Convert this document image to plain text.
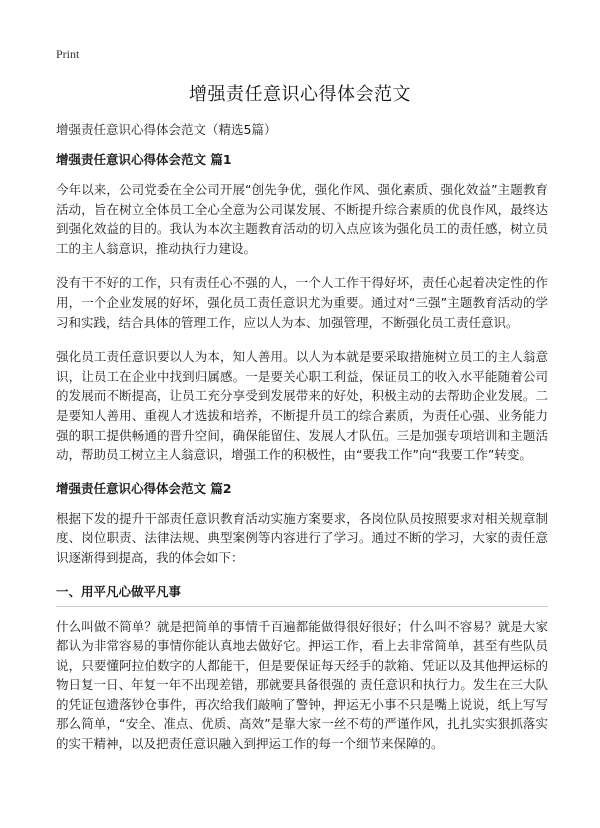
Print
增强责任意识心得体会范文
增强责任意识心得体会范文（精选5篇）
增强责任意识心得体会范文 篇1

今年以来，公司党委在全公司开展“创先争优，强化作风、强化素质、强化效益”主题教育活动，旨在树立全体员工全心全意为公司谋发展、不断提升综合素质的优良作风，最终达到强化效益的目的。我认为本次主题教育活动的切入点应该为强化员工的责任感，树立员工的主人翁意识，推动执行力建设。

没有干不好的工作，只有责任心不强的人，一个人工作干得好坏，责任心起着决定性的作用，一个企业发展的好坏，强化员工责任意识尤为重要。通过对“三强”主题教育活动的学习和实践，结合具体的管理工作，应以人为本、加强管理，不断强化员工责任意识。

强化员工责任意识要以人为本，知人善用。以人为本就是要采取措施树立员工的主人翁意识，让员工在企业中找到归属感。一是要关心职工利益，保证员工的收入水平能随着公司的发展而不断提高，让员工充分享受到发展带来的好处，积极主动的去帮助企业发展。二是要知人善用、重视人才选拔和培养，不断提升员工的综合素质，为责任心强、业务能力强的职工提供畅通的晋升空间，确保能留住、发展人才队伍。三是加强专项培训和主题活动，帮助员工树立主人翁意识，增强工作的积极性，由“要我工作”向“我要工作”转变。

增强责任意识心得体会范文 篇2

根据下发的提升干部责任意识教育活动实施方案要求，各岗位队员按照要求对相关规章制度、岗位职责、法律法规、典型案例等内容进行了学习。通过不断的学习，大家的责任意识逐渐得到提高，我的体会如下：

一、用平凡心做平凡事

什么叫做不简单？就是把简单的事情千百遍都能做得很好很好；什么叫不容易？就是大家都认为非常容易的事情你能认真地去做好它。押运工作，看上去非常简单，甚至有些队员说，只要懂阿拉伯数字的人都能干，但是要保证每天经手的款箱、凭证以及其他押运标的物日复一日、年复一年不出现差错，那就要具备很强的 责任意识和执行力。发生在三大队的凭证包遗落钞仓事件，再次给我们敲响了警钟，押运无小事不只是嘴上说说，纸上写写那么简单，“安全、准点、优质、高效”是靠大家一丝不苟的严谨作风，扎扎实实狠抓落实的实干精神，以及把责任意识融入到押运工作的每一个细节来保障的。
